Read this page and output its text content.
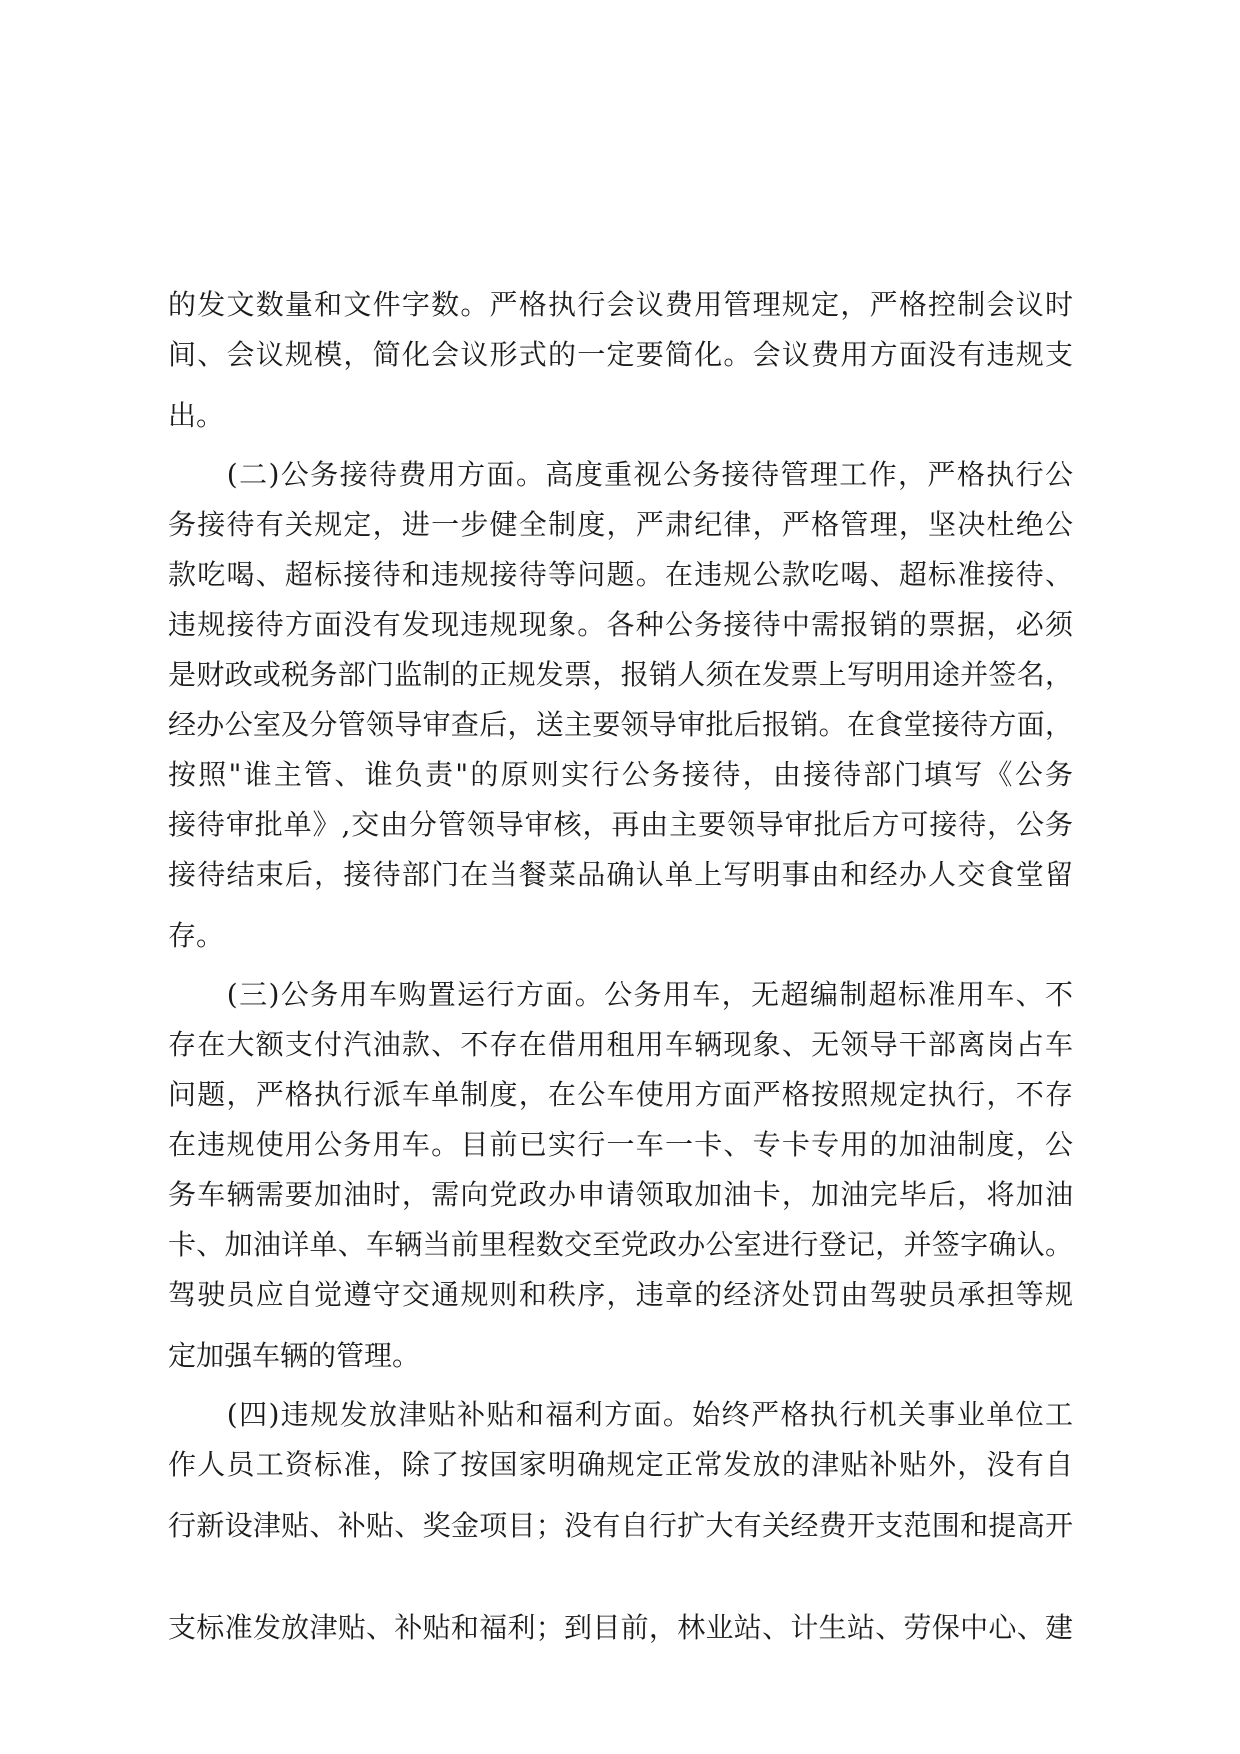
的发文数量和文件字数。严格执行会议费用管理规定，严格控制会议时
间、会议规模，简化会议形式的一定要简化。会议费用方面没有违规支
出。
　　(二)公务接待费用方面。高度重视公务接待管理工作，严格执行公
务接待有关规定，进一步健全制度，严肃纪律，严格管理，坚决杜绝公
款吃喝、超标接待和违规接待等问题。在违规公款吃喝、超标准接待、
违规接待方面没有发现违规现象。各种公务接待中需报销的票据，必须
是财政或税务部门监制的正规发票，报销人须在发票上写明用途并签名，
经办公室及分管领导审查后，送主要领导审批后报销。在食堂接待方面，
按照"谁主管、谁负责"的原则实行公务接待，由接待部门填写《公务
接待审批单》,交由分管领导审核，再由主要领导审批后方可接待，公务
接待结束后，接待部门在当餐菜品确认单上写明事由和经办人交食堂留
存。
　　(三)公务用车购置运行方面。公务用车，无超编制超标准用车、不
存在大额支付汽油款、不存在借用租用车辆现象、无领导干部离岗占车
问题，严格执行派车单制度，在公车使用方面严格按照规定执行，不存
在违规使用公务用车。目前已实行一车一卡、专卡专用的加油制度，公
务车辆需要加油时，需向党政办申请领取加油卡，加油完毕后，将加油
卡、加油详单、车辆当前里程数交至党政办公室进行登记，并签字确认。
驾驶员应自觉遵守交通规则和秩序，违章的经济处罚由驾驶员承担等规
定加强车辆的管理。
　　(四)违规发放津贴补贴和福利方面。始终严格执行机关事业单位工
作人员工资标准，除了按国家明确规定正常发放的津贴补贴外，没有自
行新设津贴、补贴、奖金项目；没有自行扩大有关经费开支范围和提高开
支标准发放津贴、补贴和福利；到目前，林业站、计生站、劳保中心、建
